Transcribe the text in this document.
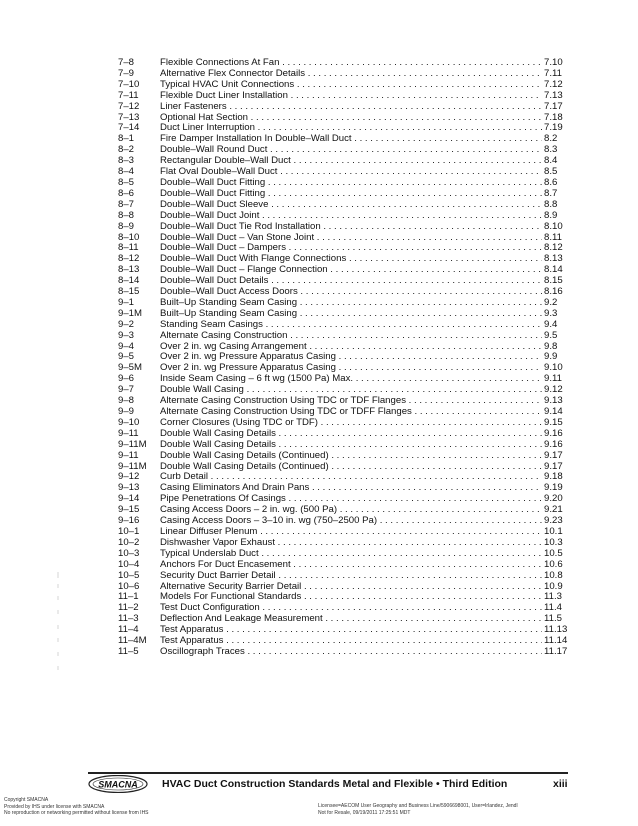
7–8	Flexible Connections At Fan . . .	7.10
7–9	Alternative Flex Connector Details . . .	7.11
7–10 Typical HVAC Unit Connections . . .	7.12
7–11 Flexible Duct Liner Installation . . .	7.13
7–12 Liner Fasteners . . .	7.17
7–13 Optional Hat Section . . .	7.18
7–14 Duct Liner Interruption . . .	7.19
8–1	Fire Damper Installation In Double–Wall Duct . . .	8.2
8–2	Double–Wall Round Duct . . .	8.3
8–3	Rectangular Double–Wall Duct . . .	8.4
8–4	Flat Oval Double–Wall Duct . . .	8.5
8–5	Double–Wall Duct Fitting . . .	8.6
8–6	Double–Wall Duct Fitting . . .	8.7
8–7	Double–Wall Duct Sleeve . . .	8.8
8–8	Double–Wall Duct Joint . . .	8.9
8–9	Double–Wall Duct Tie Rod Installation . . .	8.10
8–10 Double–Wall Duct – Van Stone Joint . . .	8.11
8–11 Double–Wall Duct – Dampers . . .	8.12
8–12 Double–Wall Duct With Flange Connections . . .	8.13
8–13 Double–Wall Duct – Flange Connection . . .	8.14
8–14 Double–Wall Duct Details . . .	8.15
8–15 Double–Wall Duct Access Doors . . .	8.16
9–1	Built–Up Standing Seam Casing . . .	9.2
9–1M Built–Up Standing Seam Casing . . .	9.3
9–2	Standing Seam Casings . . .	9.4
9–3	Alternate Casing Construction . . .	9.5
9–4	Over 2 in. wg Casing Arrangement . . .	9.8
9–5	Over 2 in. wg Pressure Apparatus Casing . . .	9.9
9–5M Over 2 in. wg Pressure Apparatus Casing . . .	9.10
9–6	Inside Seam Casing – 6 ft wg (1500 Pa) Max. . . .	9.11
9–7	Double Wall Casing . . .	9.12
9–8	Alternate Casing Construction Using TDC or TDF Flanges . . .	9.13
9–9	Alternate Casing Construction Using TDC or TDFF Flanges . . .	9.14
9–10 Corner Closures (Using TDC or TDF) . . .	9.15
9–11 Double Wall Casing Details . . .	9.16
9–11M Double Wall Casing Details . . .	9.16
9–11 Double Wall Casing Details (Continued) . . .	9.17
9–11M Double Wall Casing Details (Continued) . . .	9.17
9–12 Curb Detail . . .	9.18
9–13 Casing Eliminators And Drain Pans . . .	9.19
9–14 Pipe Penetrations Of Casings . . .	9.20
9–15 Casing Access Doors – 2 in. wg. (500 Pa) . . .	9.21
9–16 Casing Access Doors – 3–10 in. wg (750–2500 Pa) . . .	9.23
10–1 Linear Diffuser Plenum . . .	10.1
10–2 Dishwasher Vapor Exhaust . . .	10.3
10–3 Typical Underslab Duct . . .	10.5
10–4 Anchors For Duct Encasement . . .	10.6
10–5 Security Duct Barrier Detail . . .	10.8
10–6 Alternative Security Barrier Detail . . .	10.9
11–1 Models For Functional Standards . . .	11.3
11–2 Test Duct Configuration . . .	11.4
11–3 Deflection And Leakage Measurement . . .	11.5
11–4 Test Apparatus . . .	11.13
11–4M Test Apparatus . . .	11.14
11–5 Oscillograph Traces . . .	11.17
SMACNA HVAC Duct Construction Standards Metal and Flexible • Third Edition	xiii
Copyright SMACNA
Provided by IHS under license with SMACNA
No reproduction or networking permitted without license from IHS
Licensee=AECOM User Geography and Business Line/5906698001, User=Irlandez, Jendl
Not for Resale, 09/19/2011 17:25:51 MDT
